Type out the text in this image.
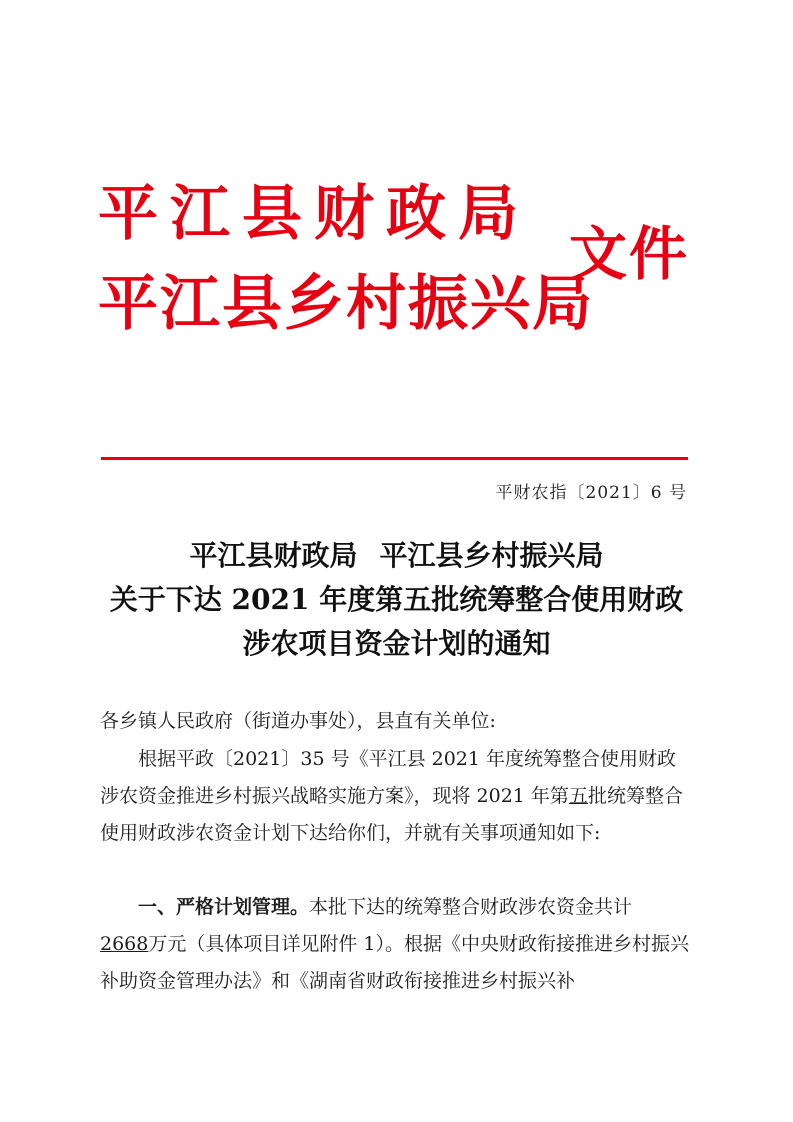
平江县财政局
平江县乡村振兴局
文件
平财农指〔2021〕6 号
平江县财政局 平江县乡村振兴局
关于下达 2021 年度第五批统筹整合使用财政
涉农项目资金计划的通知
各乡镇人民政府（街道办事处），县直有关单位:
根据平政〔2021〕35 号《平江县 2021 年度统筹整合使用财政涉农资金推进乡村振兴战略实施方案》，现将 2021 年第五批统筹整合使用财政涉农资金计划下达给你们，并就有关事项通知如下:
一、严格计划管理。本批下达的统筹整合财政涉农资金共计
2668万元（具体项目详见附件 1）。根据《中央财政衔接推进乡村振兴补助资金管理办法》和《湖南省财政衔接推进乡村振兴补
